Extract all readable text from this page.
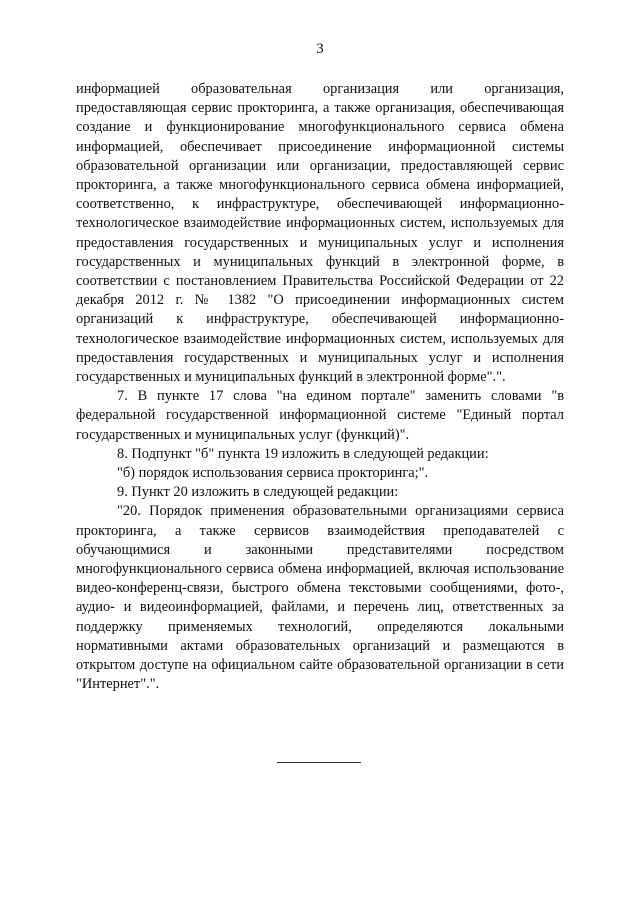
3

информацией образовательная организация или организация, предоставляющая сервис прокторинга, а также организация, обеспечивающая создание и функционирование многофункционального сервиса обмена информацией, обеспечивает присоединение информационной системы образовательной организации или организации, предоставляющей сервис прокторинга, а также многофункционального сервиса обмена информацией, соответственно, к инфраструктуре, обеспечивающей информационно-технологическое взаимодействие информационных систем, используемых для предоставления государственных и муниципальных услуг и исполнения государственных и муниципальных функций в электронной форме, в соответствии с постановлением Правительства Российской Федерации от 22 декабря 2012 г. № 1382 "О присоединении информационных систем организаций к инфраструктуре, обеспечивающей информационно-технологическое взаимодействие информационных систем, используемых для предоставления государственных и муниципальных услуг и исполнения государственных и муниципальных функций в электронной форме".".

7. В пункте 17 слова "на едином портале" заменить словами "в федеральной государственной информационной системе "Единый портал государственных и муниципальных услуг (функций)".

8. Подпункт "б" пункта 19 изложить в следующей редакции:

"б) порядок использования сервиса прокторинга;".

9. Пункт 20 изложить в следующей редакции:

"20. Порядок применения образовательными организациями сервиса прокторинга, а также сервисов взаимодействия преподавателей с обучающимися и законными представителями посредством многофункционального сервиса обмена информацией, включая использование видео-конференц-связи, быстрого обмена текстовыми сообщениями, фото-, аудио- и видеоинформацией, файлами, и перечень лиц, ответственных за поддержку применяемых технологий, определяются локальными нормативными актами образовательных организаций и размещаются в открытом доступе на официальном сайте образовательной организации в сети "Интернет".".
